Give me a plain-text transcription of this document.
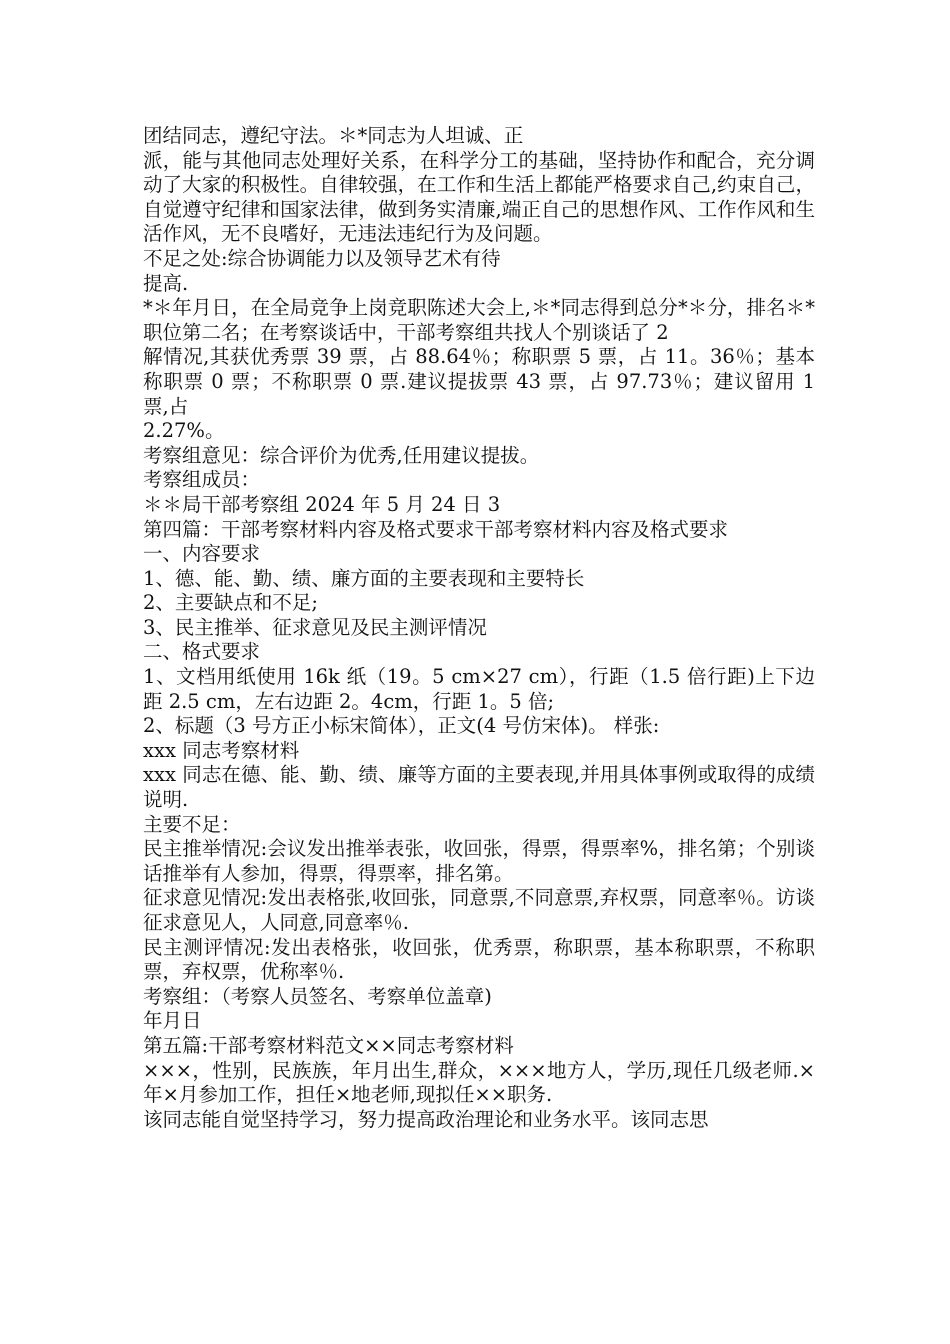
团结同志，遵纪守法。＊*同志为人坦诚、正

派，能与其他同志处理好关系，在科学分工的基础，坚持协作和配合，充分调动了大家的积极性。自律较强，在工作和生活上都能严格要求自己,约束自己，自觉遵守纪律和国家法律，做到务实清廉,端正自己的思想作风、工作作风和生活作风，无不良嗜好，无违法违纪行为及问题。

不足之处:综合协调能力以及领导艺术有待

提高.

*＊年月日，在全局竞争上岗竞职陈述大会上,＊*同志得到总分*＊分，排名＊*职位第二名；在考察谈话中，干部考察组共找人个别谈话了 2

解情况,其获优秀票 39 票，占 88.64％；称职票 5 票，占 11。36％；基本称职票 0 票；不称职票 0 票.建议提拔票 43 票，占 97.73％；建议留用 1 票,占

2.27%。

考察组意见：综合评价为优秀,任用建议提拔。

考察组成员：

＊＊局干部考察组 2024 年 5 月 24 日 3

第四篇：干部考察材料内容及格式要求干部考察材料内容及格式要求

一、内容要求

1、德、能、勤、绩、廉方面的主要表现和主要特长

2、主要缺点和不足;

3、民主推举、征求意见及民主测评情况

二、格式要求

1、文档用纸使用 16k 纸（19。5 cm×27 cm），行距（1.5 倍行距)上下边距 2.5 cm，左右边距 2。4cm，行距 1。5 倍;

2、标题（3 号方正小标宋简体），正文(4 号仿宋体)。 样张:

xxx 同志考察材料

xxx 同志在德、能、勤、绩、廉等方面的主要表现,并用具体事例或取得的成绩说明.

主要不足：

民主推举情况:会议发出推举表张，收回张，得票，得票率%，排名第；个别谈话推举有人参加，得票，得票率，排名第。

征求意见情况:发出表格张,收回张，同意票,不同意票,弃权票，同意率％。访谈征求意见人，人同意,同意率％.

民主测评情况:发出表格张，收回张，优秀票，称职票，基本称职票，不称职票，弃权票，优称率％.

考察组：（考察人员签名、考察单位盖章)

年月日

第五篇:干部考察材料范文××同志考察材料

×××，性别，民族族，年月出生,群众，×××地方人，学历,现任几级老师.×年×月参加工作，担任×地老师,现拟任××职务.

该同志能自觉坚持学习，努力提高政治理论和业务水平。该同志思
